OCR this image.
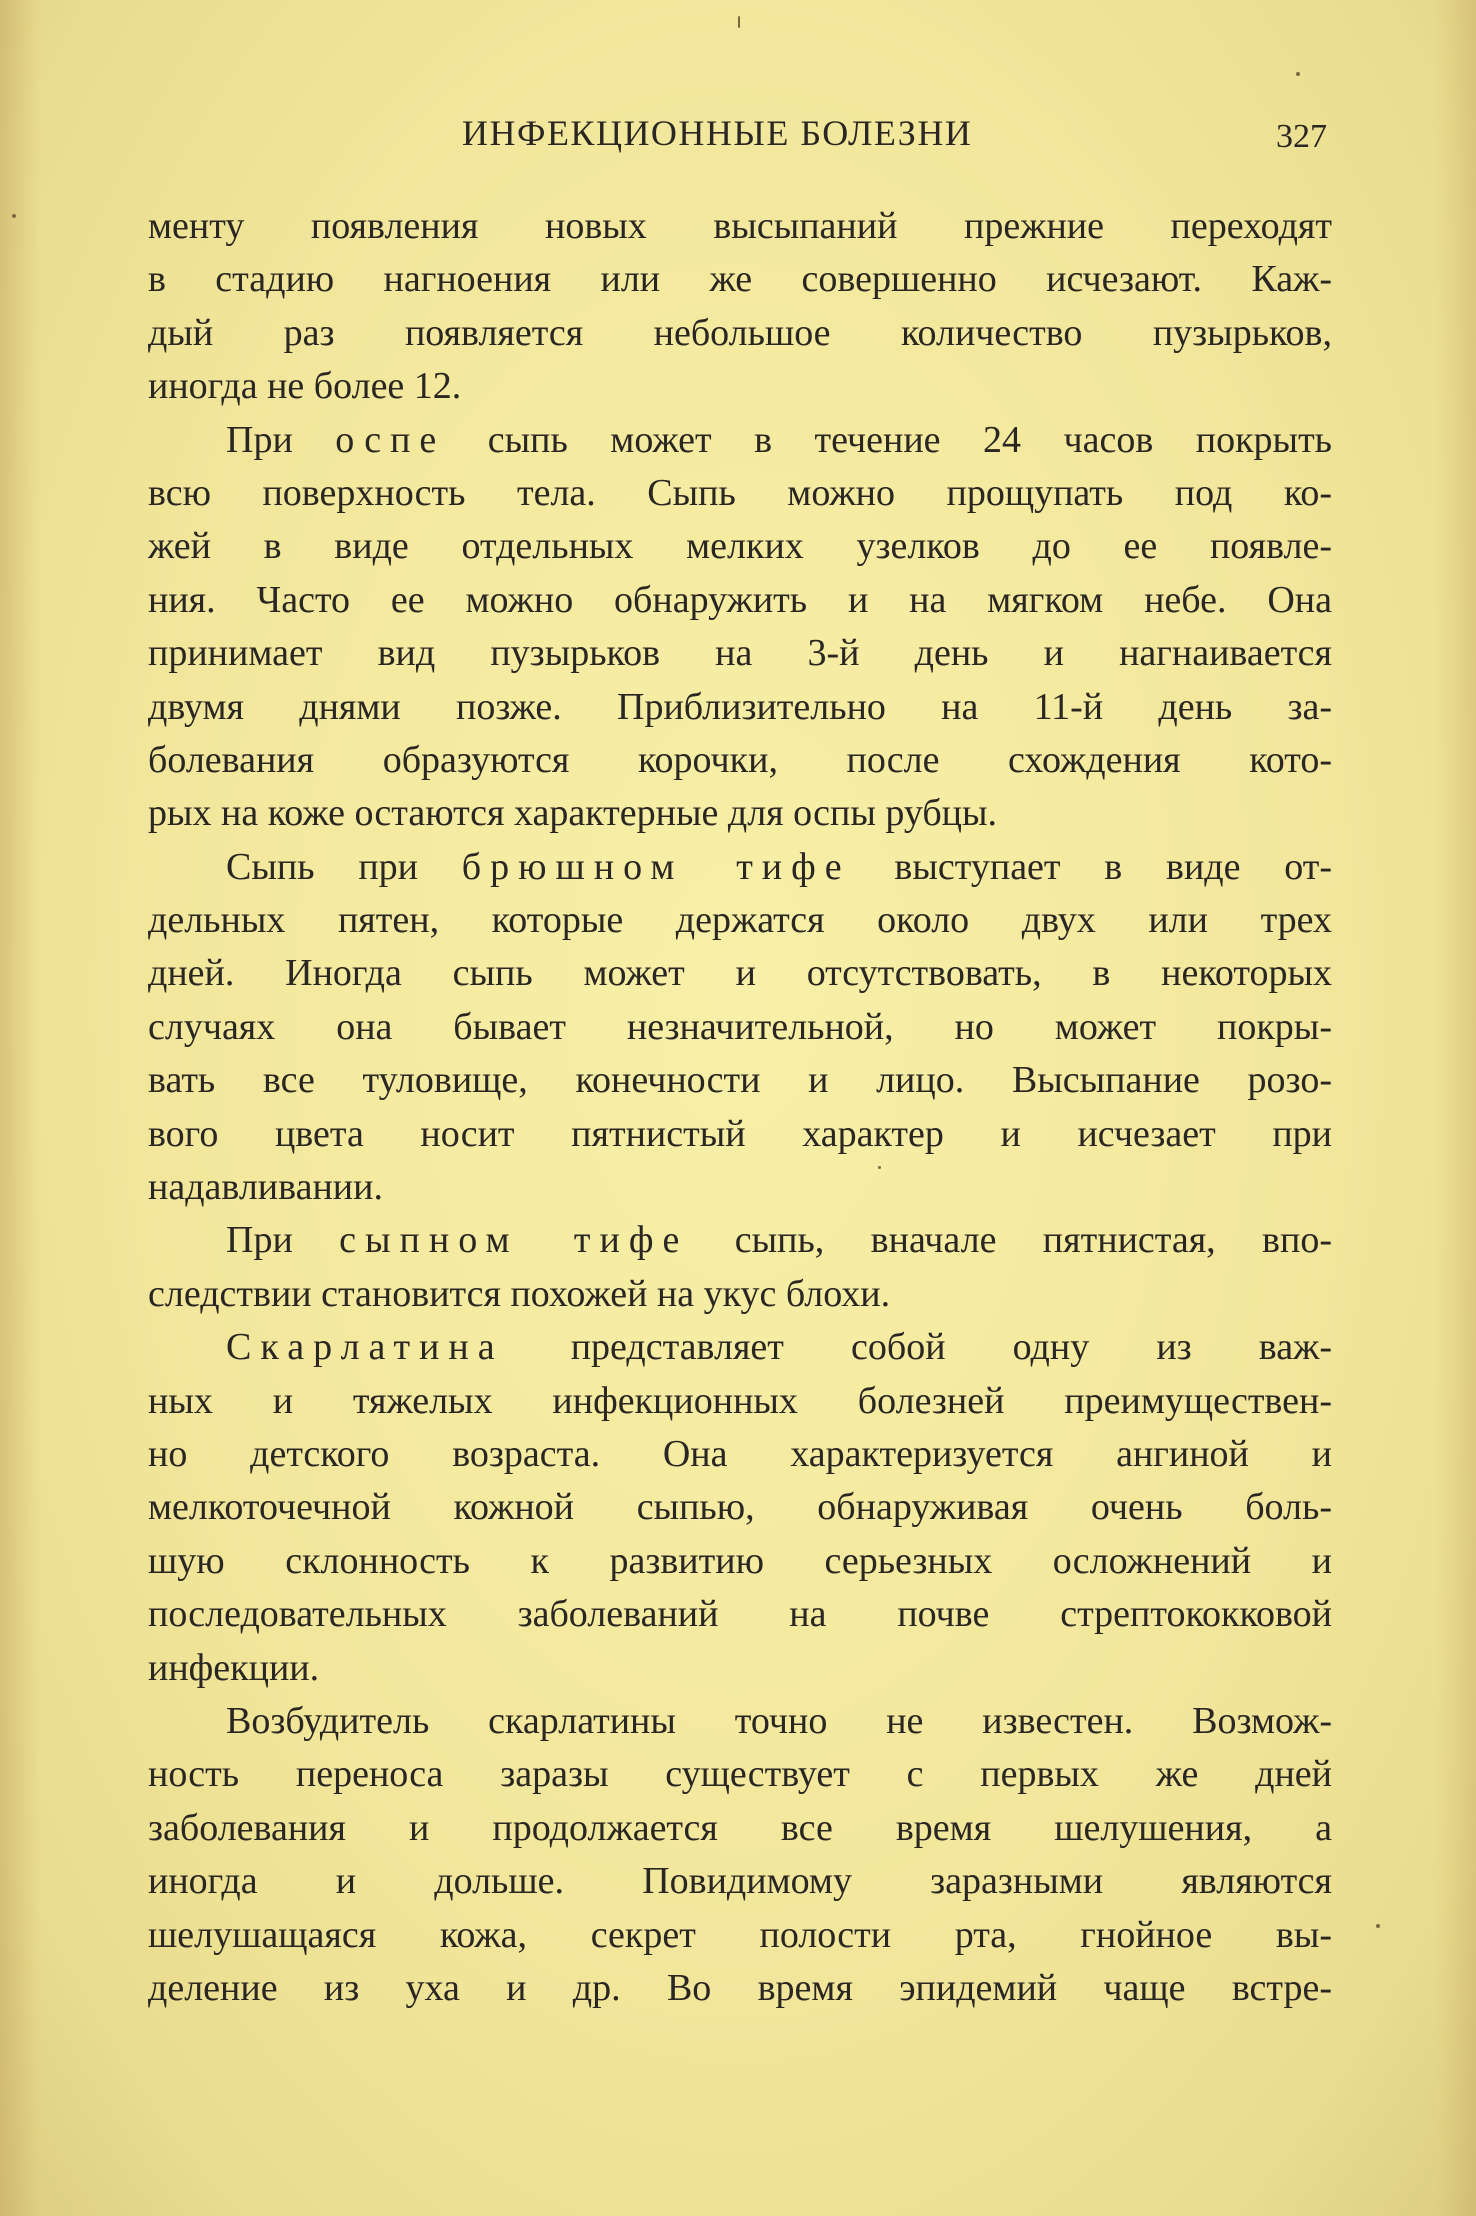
ИНФЕКЦИОННЫЕ БОЛЕЗНИ	327
менту появления новых высыпаний прежние переходят
в стадию нагноения или же совершенно исчезают. Каж-
дый раз появляется небольшое количество пузырьков,
иногда не более 12.
При оспе сыпь может в течение 24 часов покрыть
всю поверхность тела. Сыпь можно прощупать под ко-
жей в виде отдельных мелких узелков до ее появле-
ния. Часто ее можно обнаружить и на мягком небе. Она
принимает вид пузырьков на 3-й день и нагнаивается
двумя днями позже. Приблизительно на 11-й день за-
болевания образуются корочки, после схождения кото-
рых на коже остаются характерные для оспы рубцы.
Сыпь при брюшном тифе выступает в виде от-
дельных пятен, которые держатся около двух или трех
дней. Иногда сыпь может и отсутствовать, в некоторых
случаях она бывает незначительной, но может покры-
вать все туловище, конечности и лицо. Высыпание розо-
вого цвета носит пятнистый характер и исчезает при
надавливании.
При сыпном тифе сыпь, вначале пятнистая, впо-
следствии становится похожей на укус блохи.
Скарлатина представляет собой одну из важ-
ных и тяжелых инфекционных болезней преимуществен-
но детского возраста. Она характеризуется ангиной и
мелкоточечной кожной сыпью, обнаруживая очень боль-
шую склонность к развитию серьезных осложнений и
последовательных заболеваний на почве стрептококковой
инфекции.
Возбудитель скарлатины точно не известен. Возмож-
ность переноса заразы существует с первых же дней
заболевания и продолжается все время шелушения, а
иногда и дольше. Повидимому заразными являются
шелушащаяся кожа, секрет полости рта, гнойное вы-
деление из уха и др. Во время эпидемий чаще встре-
